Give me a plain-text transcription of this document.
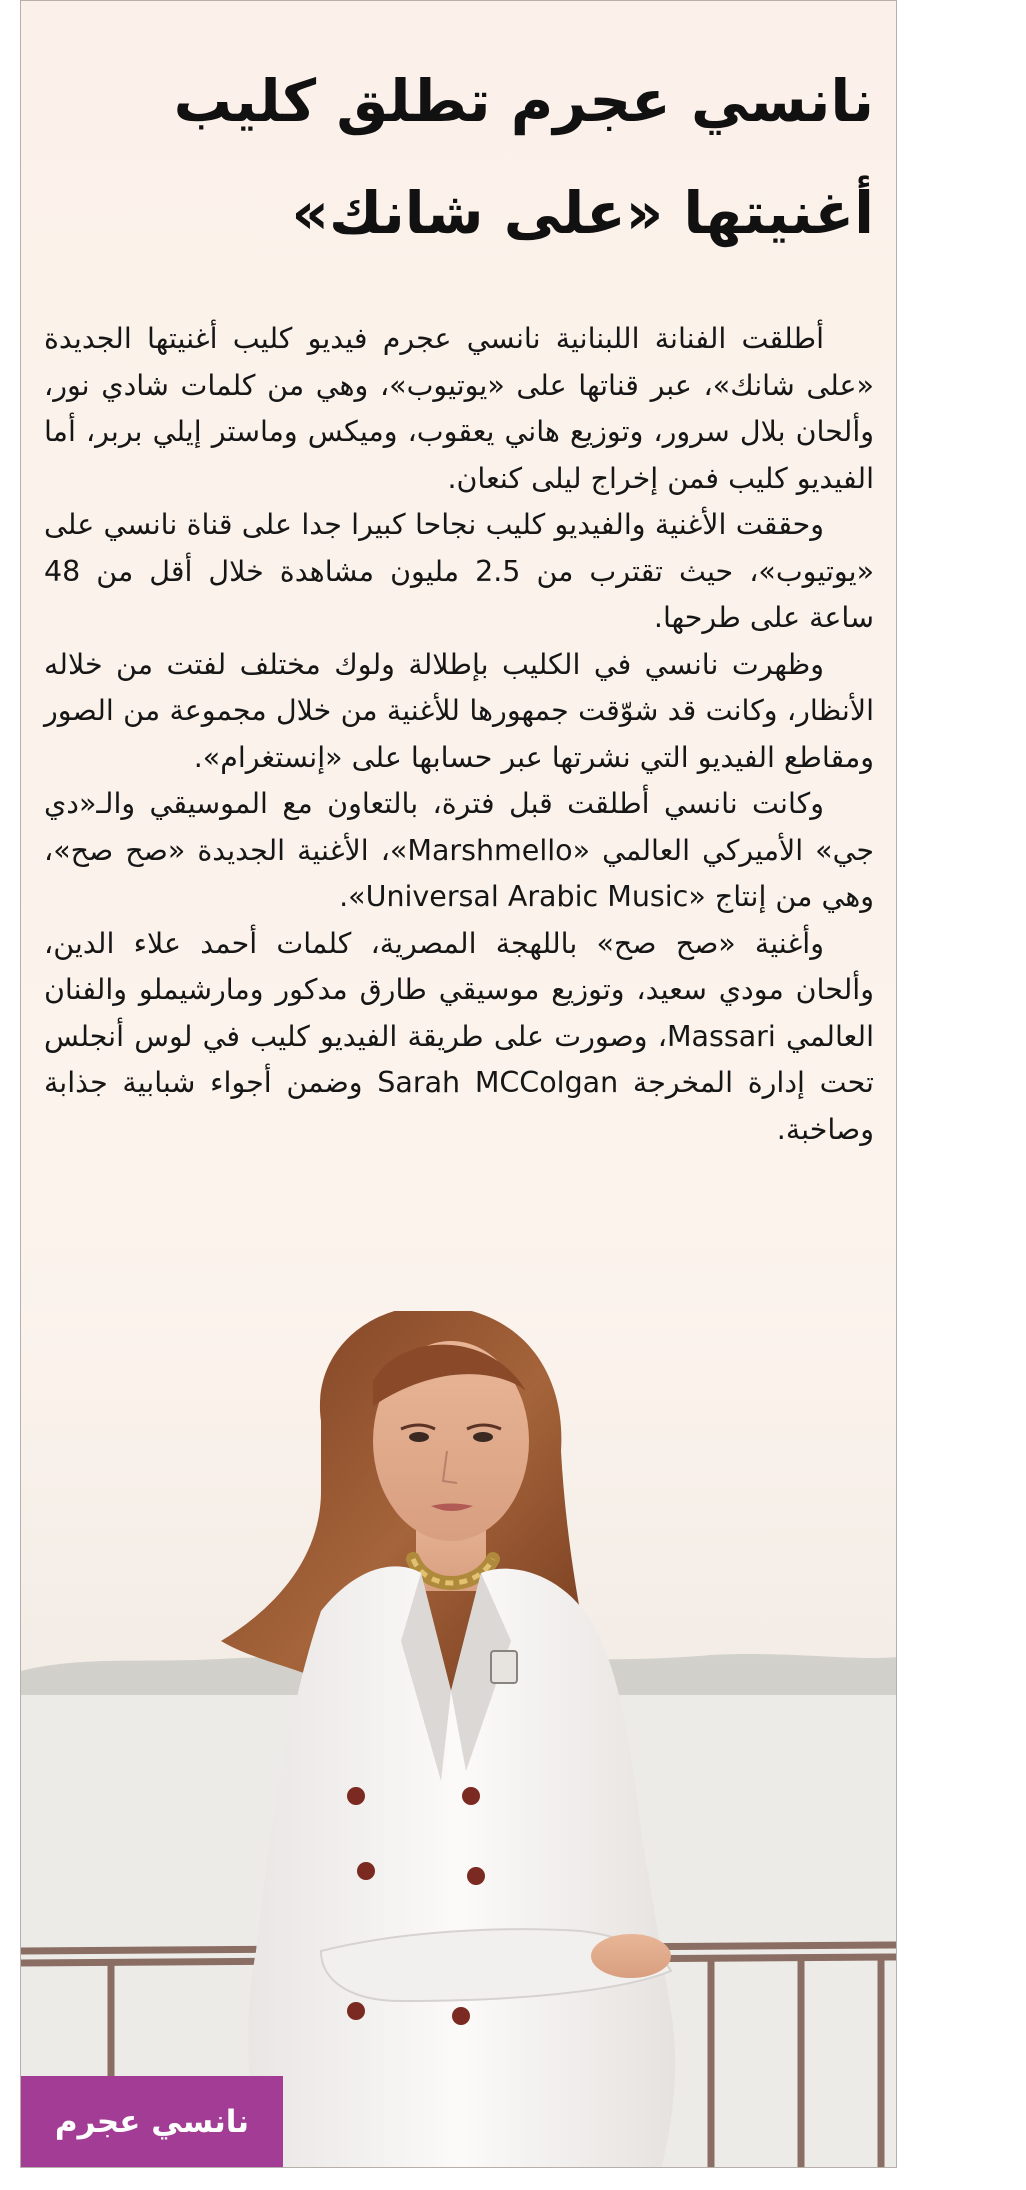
نانسي عجرم تطلق كليب أغنيتها «على شانك»

أطلقت الفنانة اللبنانية نانسي عجرم فيديو كليب أغنيتها الجديدة «على شانك»، عبر قناتها على «يوتيوب»، وهي من كلمات شادي نور، وألحان بلال سرور، وتوزيع هاني يعقوب، وميكس وماستر إيلي بربر، أما الفيديو كليب فمن إخراج ليلى كنعان.

وحققت الأغنية والفيديو كليب نجاحا كبيرا جدا على قناة نانسي على «يوتيوب»، حيث تقترب من 2.5 مليون مشاهدة خلال أقل من 48 ساعة على طرحها.

وظهرت نانسي في الكليب بإطلالة ولوك مختلف لفتت من خلاله الأنظار، وكانت قد شوّقت جمهورها للأغنية من خلال مجموعة من الصور ومقاطع الفيديو التي نشرتها عبر حسابها على «إنستغرام».

وكانت نانسي أطلقت قبل فترة، بالتعاون مع الموسيقي والـ«دي جي» الأميركي العالمي «Marshmello»، الأغنية الجديدة «صح صح»، وهي من إنتاج «Universal Arabic Music».

وأغنية «صح صح» باللهجة المصرية، كلمات أحمد علاء الدين، وألحان مودي سعيد، وتوزيع موسيقي طارق مدكور ومارشيملو والفنان العالمي Massari، وصورت على طريقة الفيديو كليب في لوس أنجلس تحت إدارة المخرجة Sarah MCColgan وضمن أجواء شبابية جذابة وصاخبة.

نانسي عجرم
